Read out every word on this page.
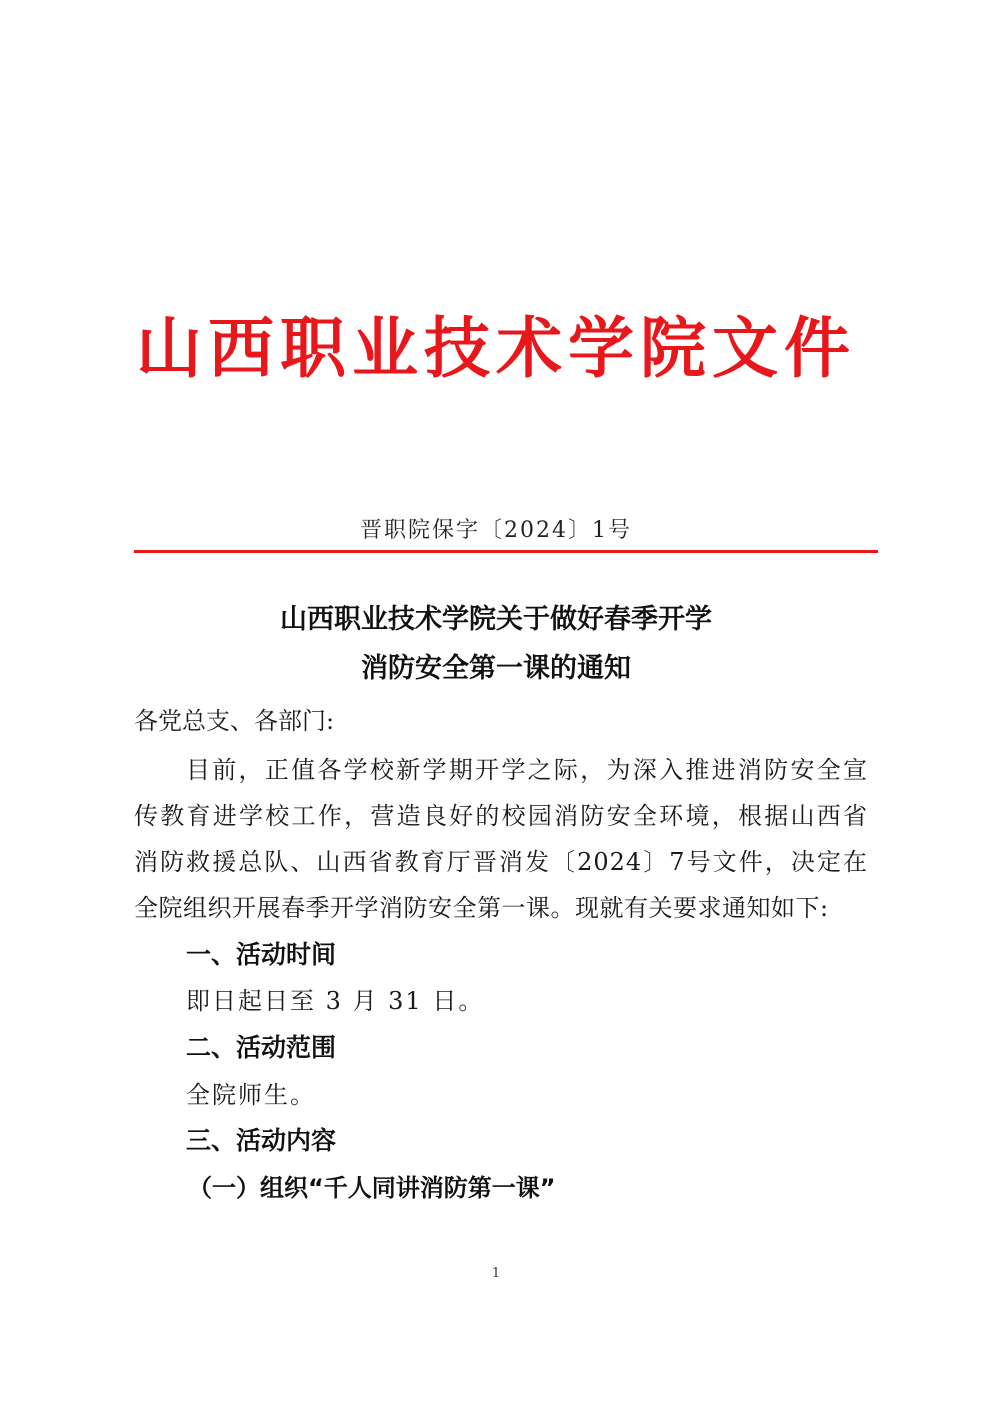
山西职业技术学院文件
晋职院保字〔2024〕1号
山西职业技术学院关于做好春季开学
消防安全第一课的通知
各党总支、各部门:
目前，正值各学校新学期开学之际，为深入推进消防安全宣
传教育进学校工作，营造良好的校园消防安全环境，根据山西省
消防救援总队、山西省教育厅晋消发〔2024〕7号文件，决定在
全院组织开展春季开学消防安全第一课。现就有关要求通知如下:
一、活动时间
即日起日至 3 月 31 日。
二、活动范围
全院师生。
三、活动内容
（一）组织“千人同讲消防第一课”
1
